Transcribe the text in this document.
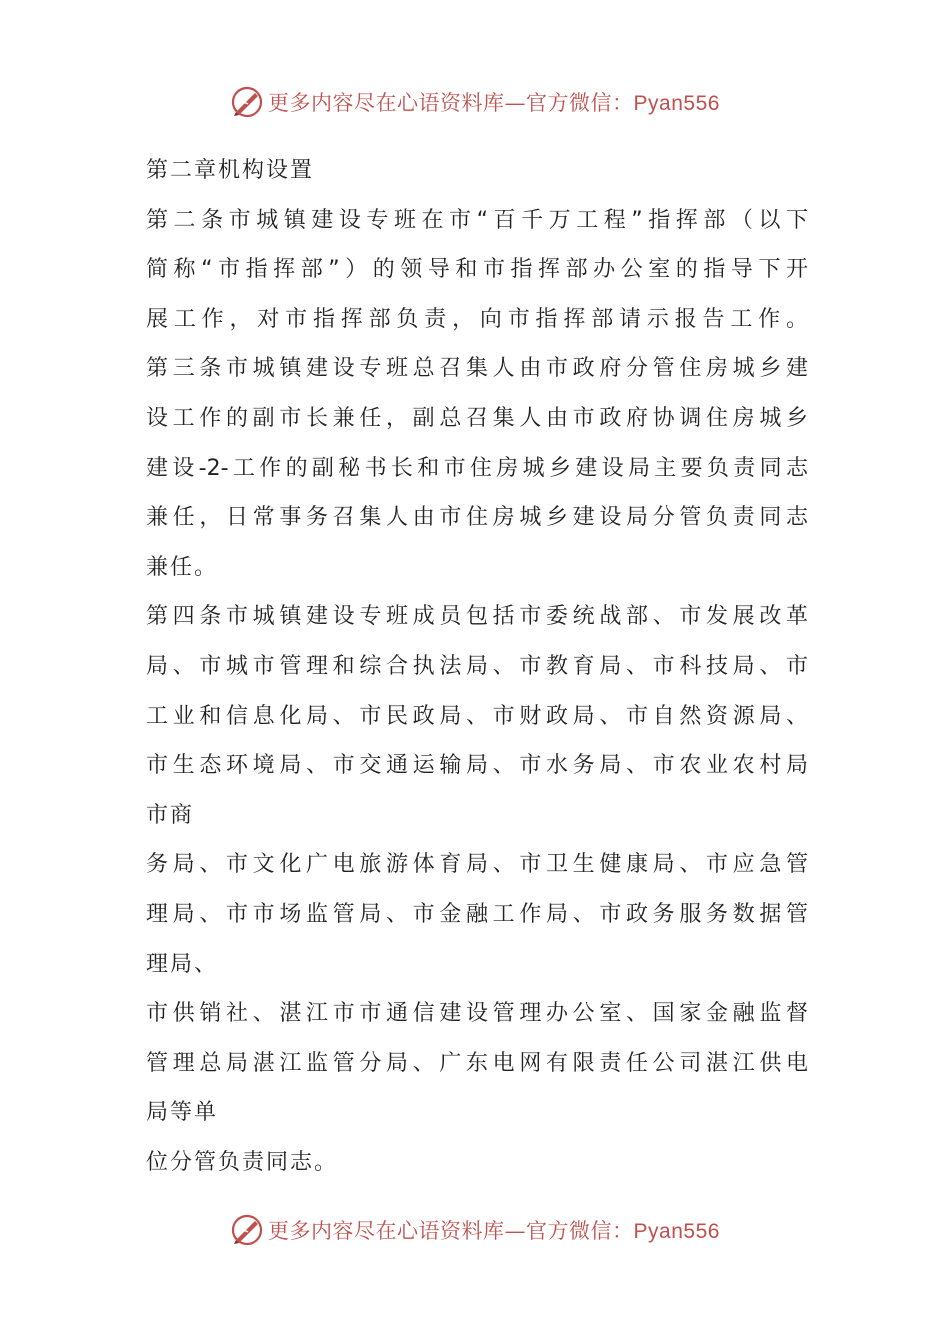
更多内容尽在心语资料库—官方微信：Pyan556
第二章机构设置
第二条市城镇建设专班在市“百千万工程”指挥部（以下
简称“市指挥部”）的领导和市指挥部办公室的指导下开
展工作，对市指挥部负责，向市指挥部请示报告工作。
第三条市城镇建设专班总召集人由市政府分管住房城乡建
设工作的副市长兼任，副总召集人由市政府协调住房城乡
建设-2-工作的副秘书长和市住房城乡建设局主要负责同志
兼任，日常事务召集人由市住房城乡建设局分管负责同志
兼任。
第四条市城镇建设专班成员包括市委统战部、市发展改革
局、市城市管理和综合执法局、市教育局、市科技局、市
工业和信息化局、市民政局、市财政局、市自然资源局、
市生态环境局、市交通运输局、市水务局、市农业农村局
市商
务局、市文化广电旅游体育局、市卫生健康局、市应急管
理局、市市场监管局、市金融工作局、市政务服务数据管
理局、
市供销社、湛江市市通信建设管理办公室、国家金融监督
管理总局湛江监管分局、广东电网有限责任公司湛江供电
局等单
位分管负责同志。
更多内容尽在心语资料库—官方微信：Pyan556
